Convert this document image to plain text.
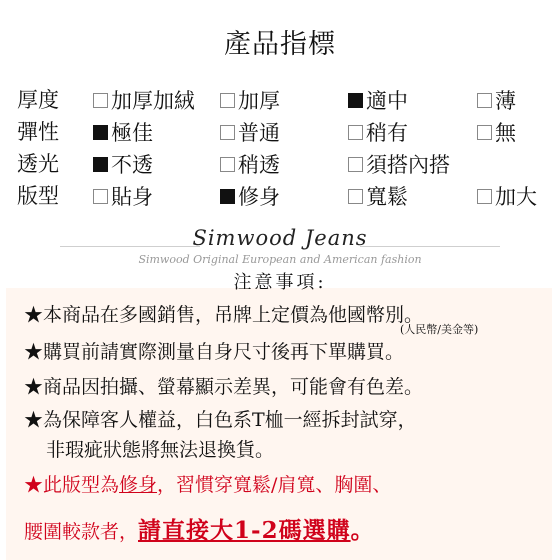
產品指標
厚度 加厚加絨 加厚	適中	薄
彈性 極佳	普通	稍有	無
透光 不透	稍透	須搭內搭
版型 貼身	修身	寬鬆	加大
Simwood Jeans
Simwood Original European and American fashion
注意事項:
★本商品在多國銷售，吊牌上定價為他國幣別。
(人民幣/美金等)
★購買前請實際測量自身尺寸後再下單購買。
★商品因拍攝、螢幕顯示差異，可能會有色差。
★為保障客人權益，白色系T桖一經拆封試穿，
非瑕疵狀態將無法退換貨。
★此版型為修身，習慣穿寬鬆/肩寬、胸圍、
腰圍較款者，請直接大1-2碼選購。
